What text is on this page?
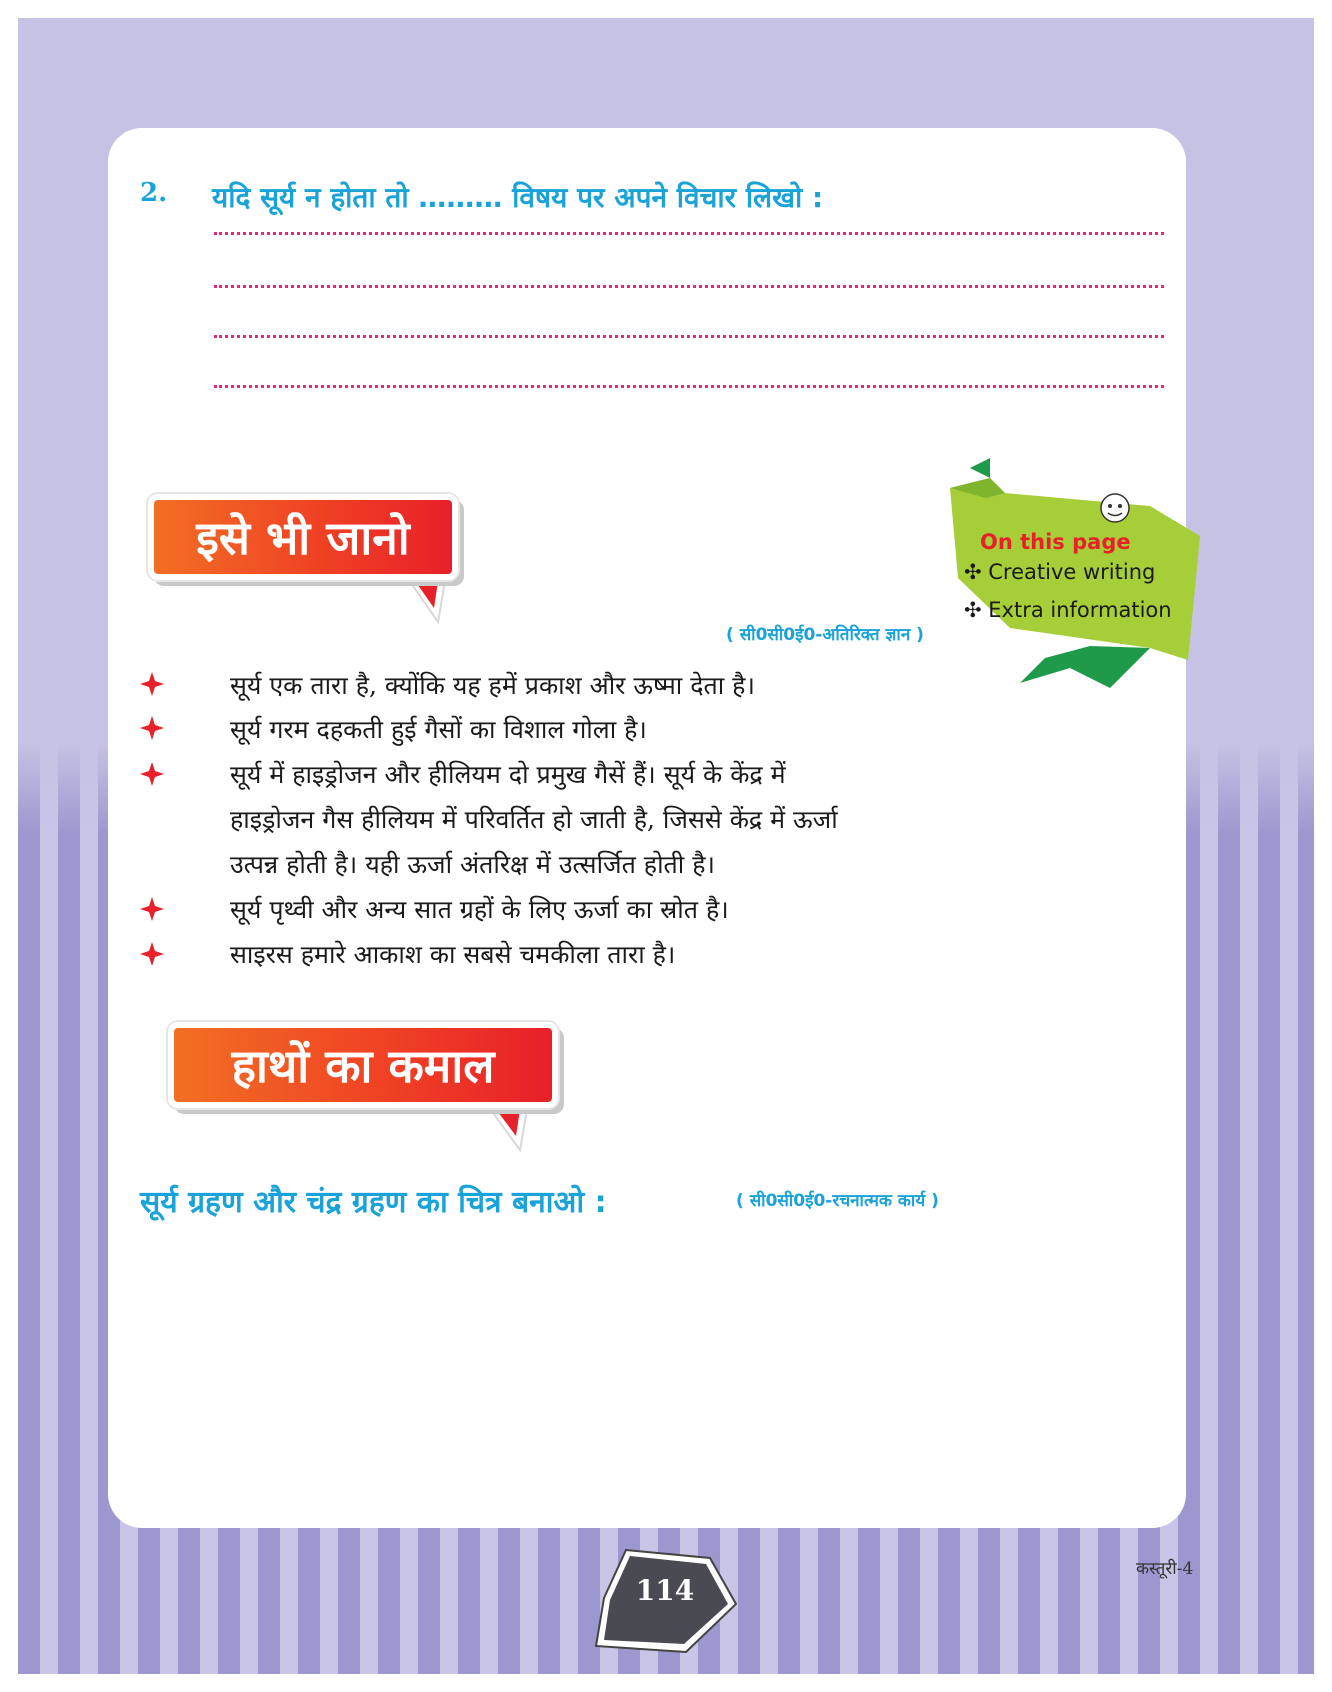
2. यदि सूर्य न होता तो ……… विषय पर अपने विचार लिखो :
इसे भी जानो	On this page
✣ Creative writing
✣ Extra information
( सी0सी0ई0-अतिरिक्त ज्ञान )
सूर्य एक तारा है, क्योंकि यह हमें प्रकाश और ऊष्मा देता है।
सूर्य गरम दहकती हुई गैसों का विशाल गोला है।
सूर्य में हाइड्रोजन और हीलियम दो प्रमुख गैसें हैं। सूर्य के केंद्र में
हाइड्रोजन गैस हीलियम में परिवर्तित हो जाती है, जिससे केंद्र में ऊर्जा
उत्पन्न होती है। यही ऊर्जा अंतरिक्ष में उत्सर्जित होती है।
सूर्य पृथ्वी और अन्य सात ग्रहों के लिए ऊर्जा का स्रोत है।
साइरस हमारे आकाश का सबसे चमकीला तारा है।
हाथों का कमाल
सूर्य ग्रहण और चंद्र ग्रहण का चित्र बनाओ :	( सी0सी0ई0-रचनात्मक कार्य )
कस्तूरी-4
114
